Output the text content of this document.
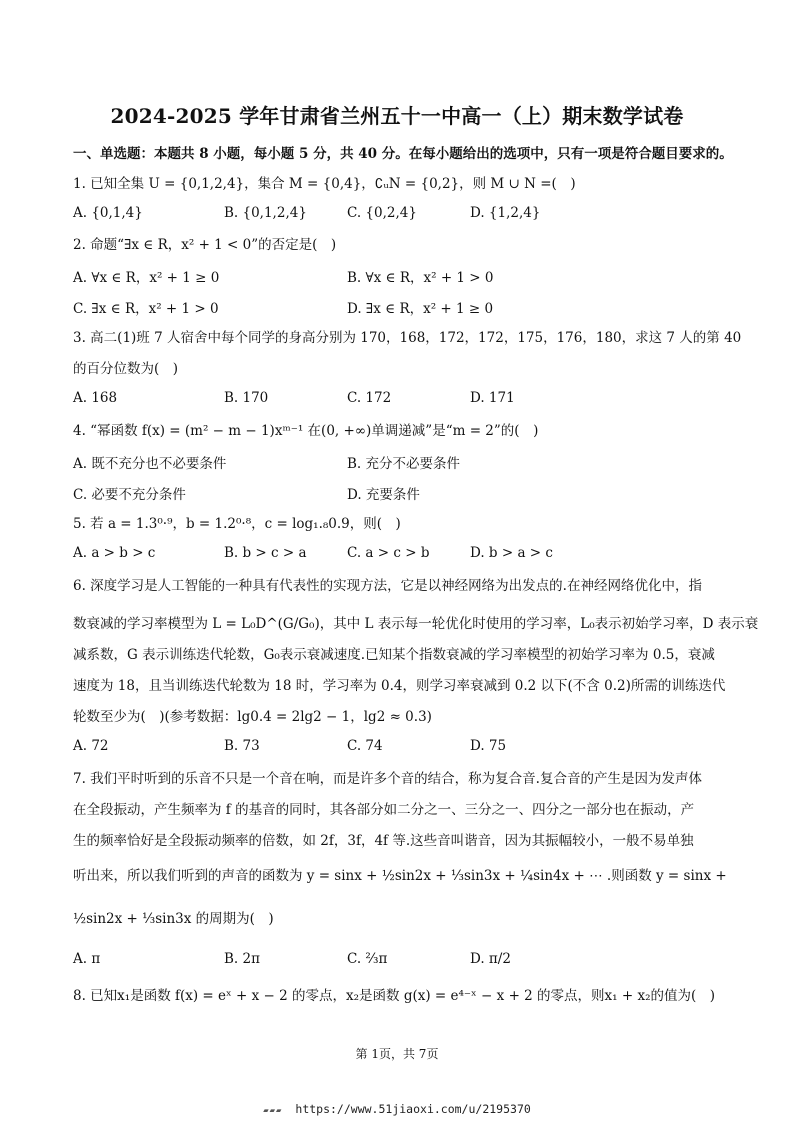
2024-2025 学年甘肃省兰州五十一中高一（上）期末数学试卷
一、单选题：本题共 8 小题，每小题 5 分，共 40 分。在每小题给出的选项中，只有一项是符合题目要求的。
1. 已知全集 U = {0,1,2,4}，集合 M = {0,4}，∁ᵤN = {0,2}，则 M ∪ N =(　)
A. {0,1,4}	B. {0,1,2,4}	C. {0,2,4}	D. {1,2,4}
2. 命题“∃x ∈ R，x² + 1 < 0”的否定是(　)
A. ∀x ∈ R，x² + 1 ≥ 0	B. ∀x ∈ R，x² + 1 > 0
C. ∃x ∈ R，x² + 1 > 0	D. ∃x ∈ R，x² + 1 ≥ 0
3. 高二(1)班 7 人宿舍中每个同学的身高分别为 170，168，172，172，175，176，180，求这 7 人的第 40
的百分位数为(　)
A. 168	B. 170	C. 172	D. 171
4. “幂函数 f(x) = (m² − m − 1)xᵐ⁻¹ 在(0, +∞)单调递减”是“m = 2”的(　)
A. 既不充分也不必要条件	B. 充分不必要条件
C. 必要不充分条件	D. 充要条件
5. 若 a = 1.3⁰·⁹，b = 1.2⁰·⁸，c = log₁.₈0.9，则(　)
A. a > b > c	B. b > c > a	C. a > c > b	D. b > a > c
6. 深度学习是人工智能的一种具有代表性的实现方法，它是以神经网络为出发点的.在神经网络优化中，指
数衰减的学习率模型为 L = L₀D^(G/G₀)，其中 L 表示每一轮优化时使用的学习率，L₀表示初始学习率，D 表示衰
减系数，G 表示训练迭代轮数，G₀表示衰减速度.已知某个指数衰减的学习率模型的初始学习率为 0.5，衰减
速度为 18，且当训练迭代轮数为 18 时，学习率为 0.4，则学习率衰减到 0.2 以下(不含 0.2)所需的训练迭代
轮数至少为(　)(参考数据：lg0.4 = 2lg2 − 1，lg2 ≈ 0.3)
A. 72	B. 73	C. 74	D. 75
7. 我们平时听到的乐音不只是一个音在响，而是许多个音的结合，称为复合音.复合音的产生是因为发声体
在全段振动，产生频率为 f 的基音的同时，其各部分如二分之一、三分之一、四分之一部分也在振动，产
生的频率恰好是全段振动频率的倍数，如 2f，3f，4f 等.这些音叫谐音，因为其振幅较小，一般不易单独
听出来，所以我们听到的声音的函数为 y = sinx + ½sin2x + ⅓sin3x + ¼sin4x + ⋯ .则函数 y = sinx +
½sin2x + ⅓sin3x 的周期为(　)
A. π	B. 2π	C. ⅔π	D. π/2
8. 已知x₁是函数 f(x) = eˣ + x − 2 的零点，x₂是函数 g(x) = e⁴⁻ˣ − x + 2 的零点，则x₁ + x₂的值为(　)
第 1页，共 7页
▰▰▰ https://www.51jiaoxi.com/u/2195370
